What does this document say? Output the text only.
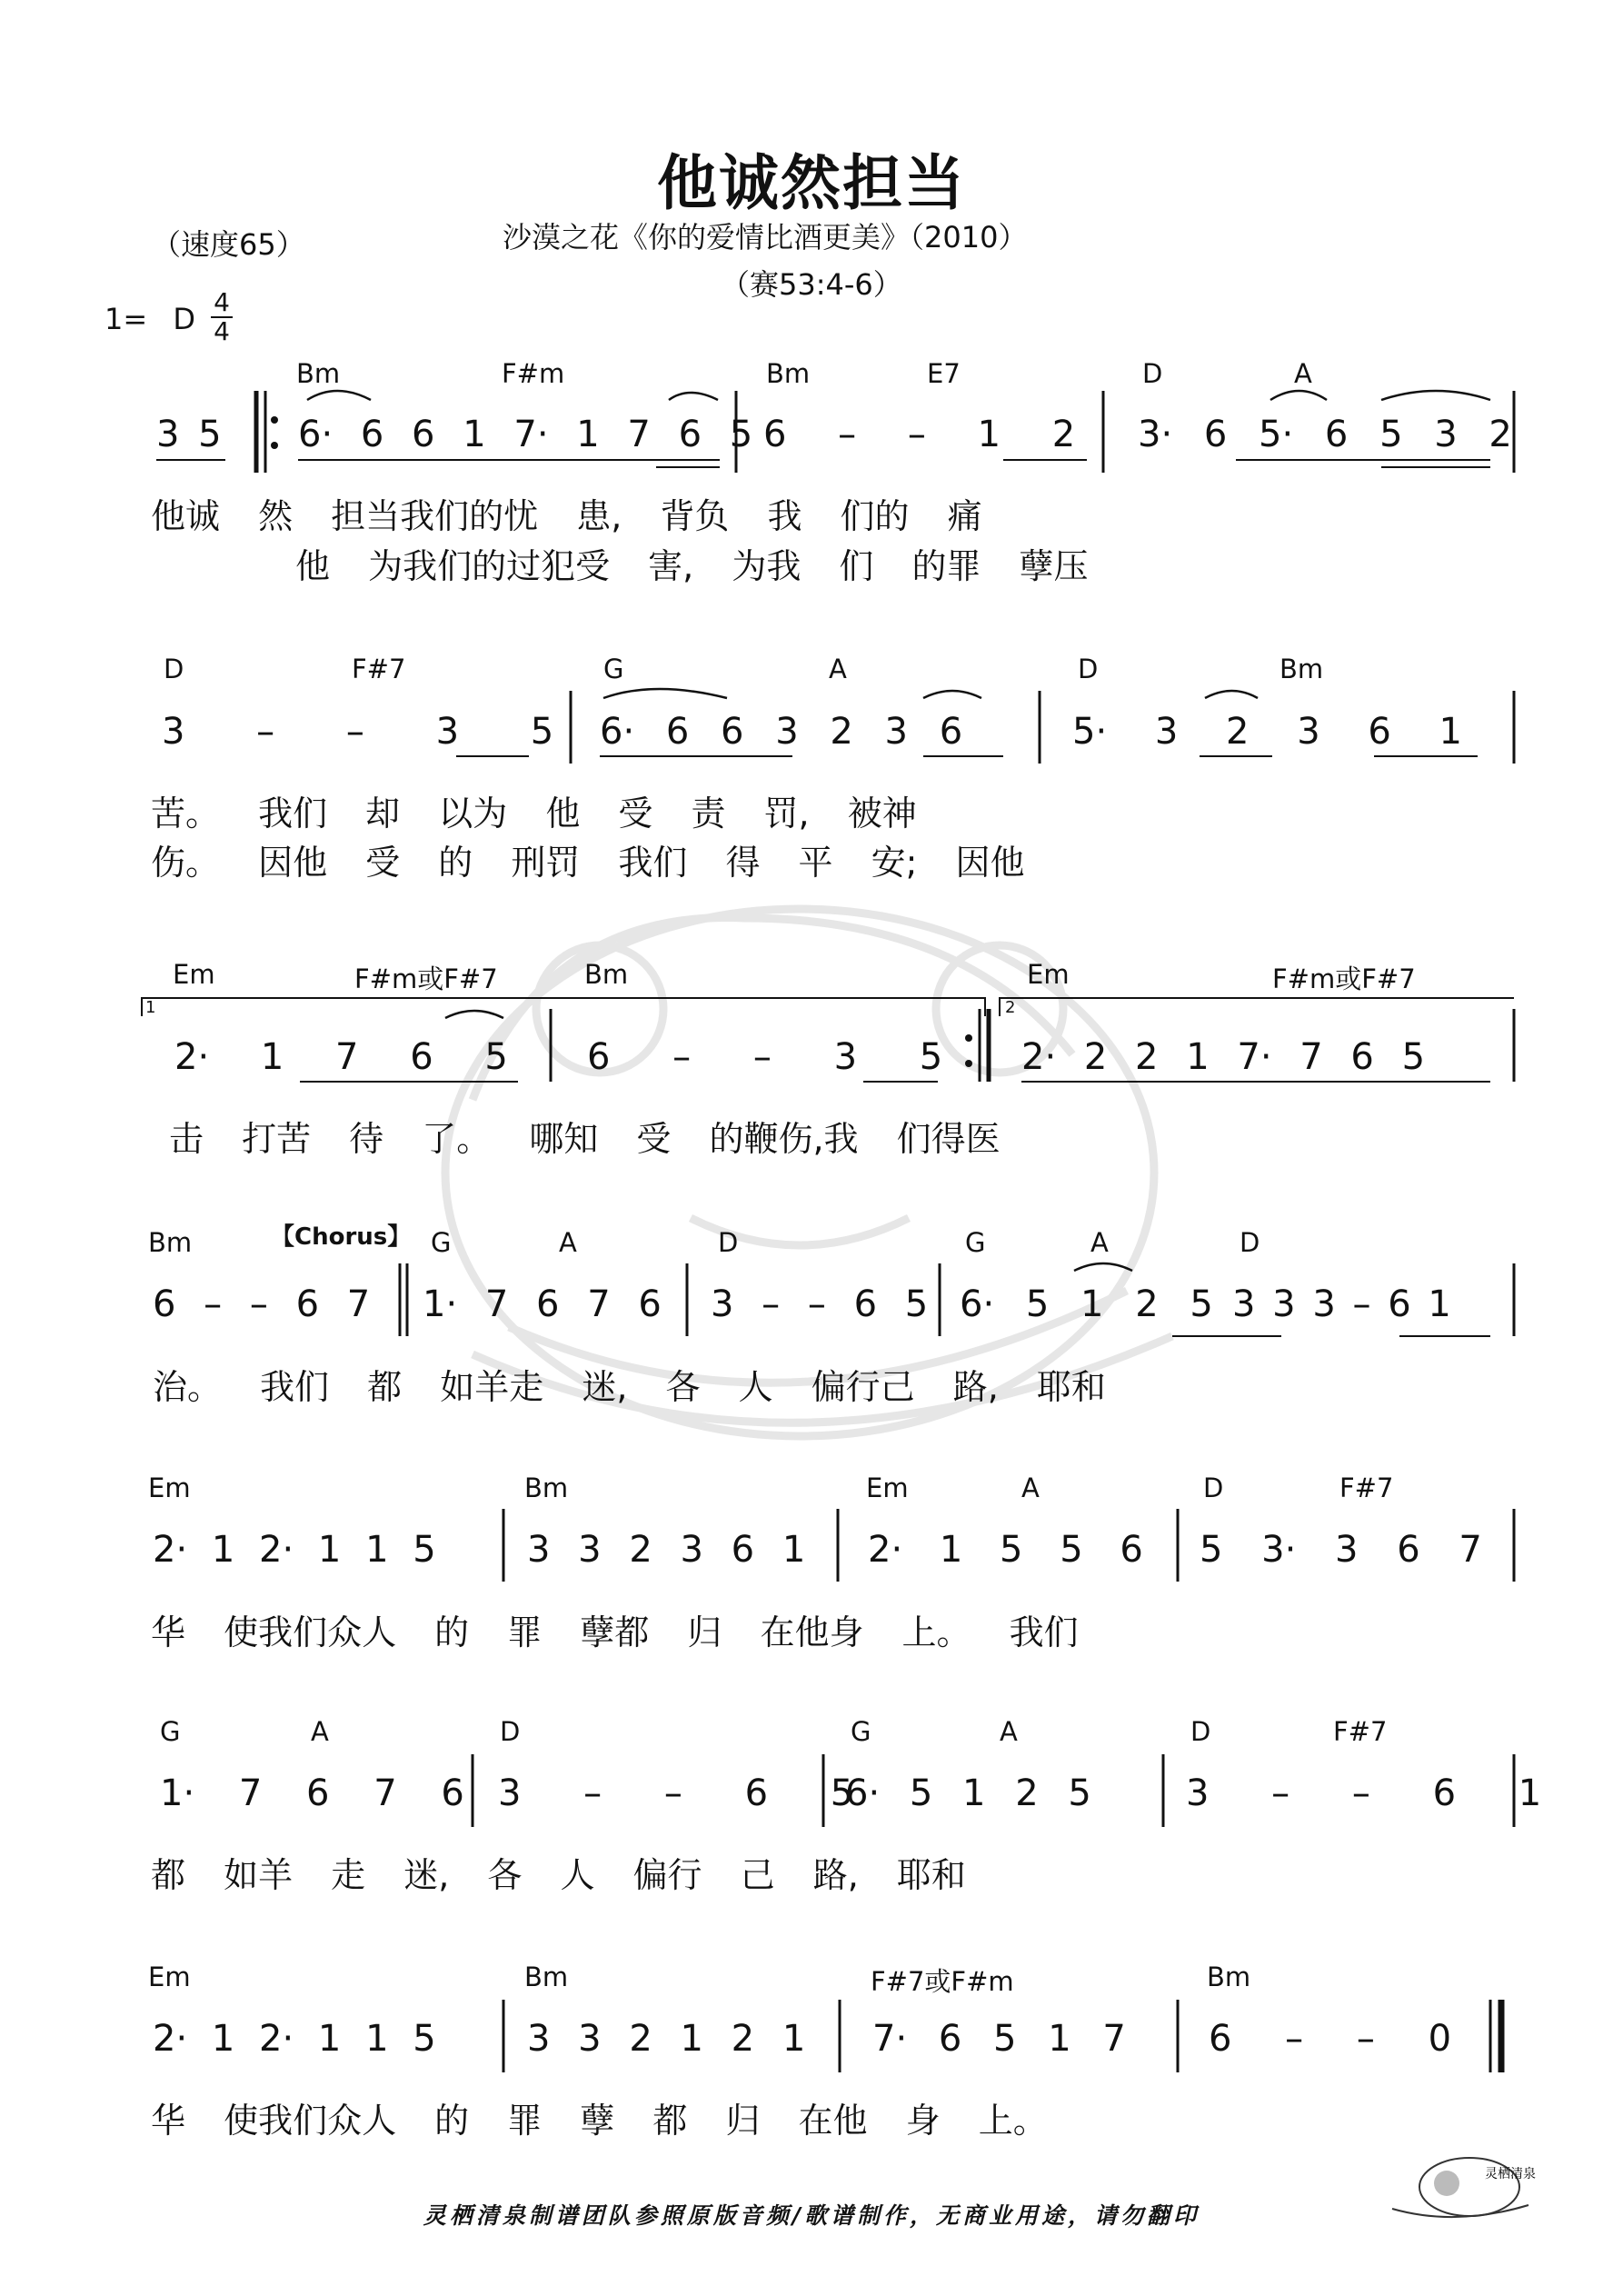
他诚然担当
（速度65）	沙漠之花《你的爱情比酒更美》（2010）
（赛53:4-6）
1= D 4
4
Bm	F#m	Bm	E7	D	A
3 5 6· 6 6 1 7· 1 7 6 5 6 – – 1 2 3· 6 5· 6 5 3 2
他诚 然 担当我们的忧 患, 背负 我 们的 痛
他 为我们的过犯受 害, 为我 们 的罪 孽压
D	F#7	G	A	D	Bm
3 – – 3 5 6· 6 6 3 2 3 6	5· 3 2 3 6 1
苦。 我们 却 以为 他 受 责 罚, 被神
伤。 因他 受 的 刑罚 我们 得 平 安; 因他
Em	F#m或F#7	Bm	Em	F#m或F#7
1	2
2· 1 7 6 5 6 – – 3 5 2· 2 2 1 7· 7 6 5
击 打苦 待 了。 哪知 受 的鞭伤,我 们得医
Bm	G	A	D	G	A	D
【Chorus】
6 – – 6 7 1· 7 6 7 6 3 – – 6 5 6· 5 1 2 5 3 3 3 – 6 1
治。 我们 都 如羊走 迷, 各 人 偏行己 路, 耶和
Em	Bm	Em	A	D	F#7
2· 1 2· 1 1 5	3 3 2 3 6 1 2· 1 5 5 6 5 3· 3 6 7
华 使我们众人 的 罪 孽都 归 在他身 上。 我们
G	A	D	G	A	D	F#7
1· 7 6 7 6 3 – – 6 5
6· 5 1 2 5	3 – – 6 1
都 如羊 走 迷, 各 人 偏行 己 路, 耶和
Em	Bm	F#7或F#m	Bm
2· 1 2· 1 1 5	3 3 2 1 2 1 7· 6 5 1 7 6 – – 0
华 使我们众人 的 罪 孽 都 归 在他 身 上。
灵栖清泉制谱团队参照原版音频/歌谱制作，无商业用途，请勿翻印
灵栖清泉
